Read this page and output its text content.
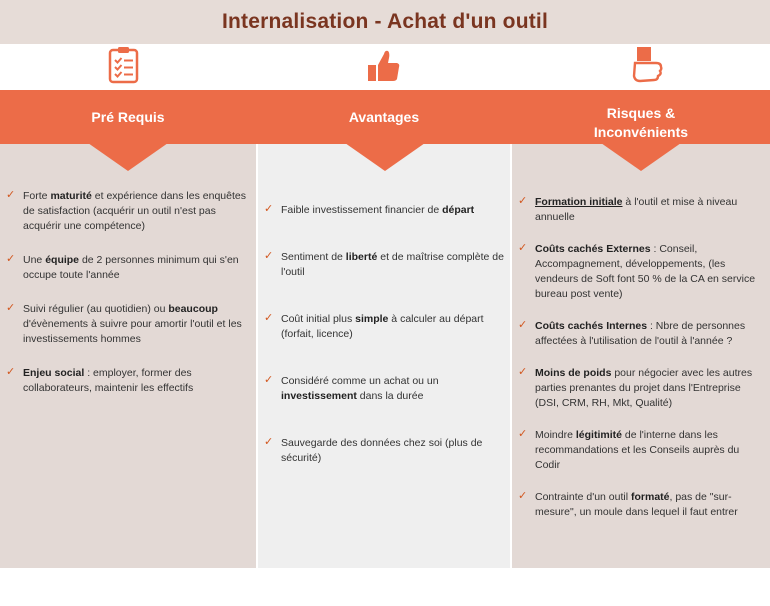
Internalisation - Achat d'un outil
Pré Requis	Avantages	Risques &
Inconvénients
✓ Forte maturité et expérience dans les enquêtes de satisfaction (acquérir un outil n'est pas acquérir une compétence)
✓ Une équipe de 2 personnes minimum qui s'en occupe toute l'année
✓ Suivi régulier (au quotidien) ou beaucoup d'évènements à suivre pour amortir l'outil et les investissements hommes
✓ Enjeu social : employer, former des collaborateurs, maintenir les effectifs
✓ Faible investissement financier de départ
✓ Sentiment de liberté et de maîtrise complète de l'outil
✓ Coût initial plus simple à calculer au départ (forfait, licence)
✓ Considéré comme un achat ou un investissement dans la durée
✓ Sauvegarde des données chez soi (plus de sécurité)
✓ Formation initiale à l'outil et mise à niveau annuelle
✓ Coûts cachés Externes : Conseil, Accompagnement, développements, (les vendeurs de Soft font 50 % de la CA en service bureau post vente)
✓ Coûts cachés Internes : Nbre de personnes affectées à l'utilisation de l'outil à l'année ?
✓ Moins de poids pour négocier avec les autres parties prenantes du projet dans l'Entreprise (DSI, CRM, RH, Mkt, Qualité)
✓ Moindre légitimité de l'interne dans les recommandations et les Conseils auprès du Codir
✓ Contrainte d'un outil formaté, pas de "sur-mesure", un moule dans lequel il faut entrer
